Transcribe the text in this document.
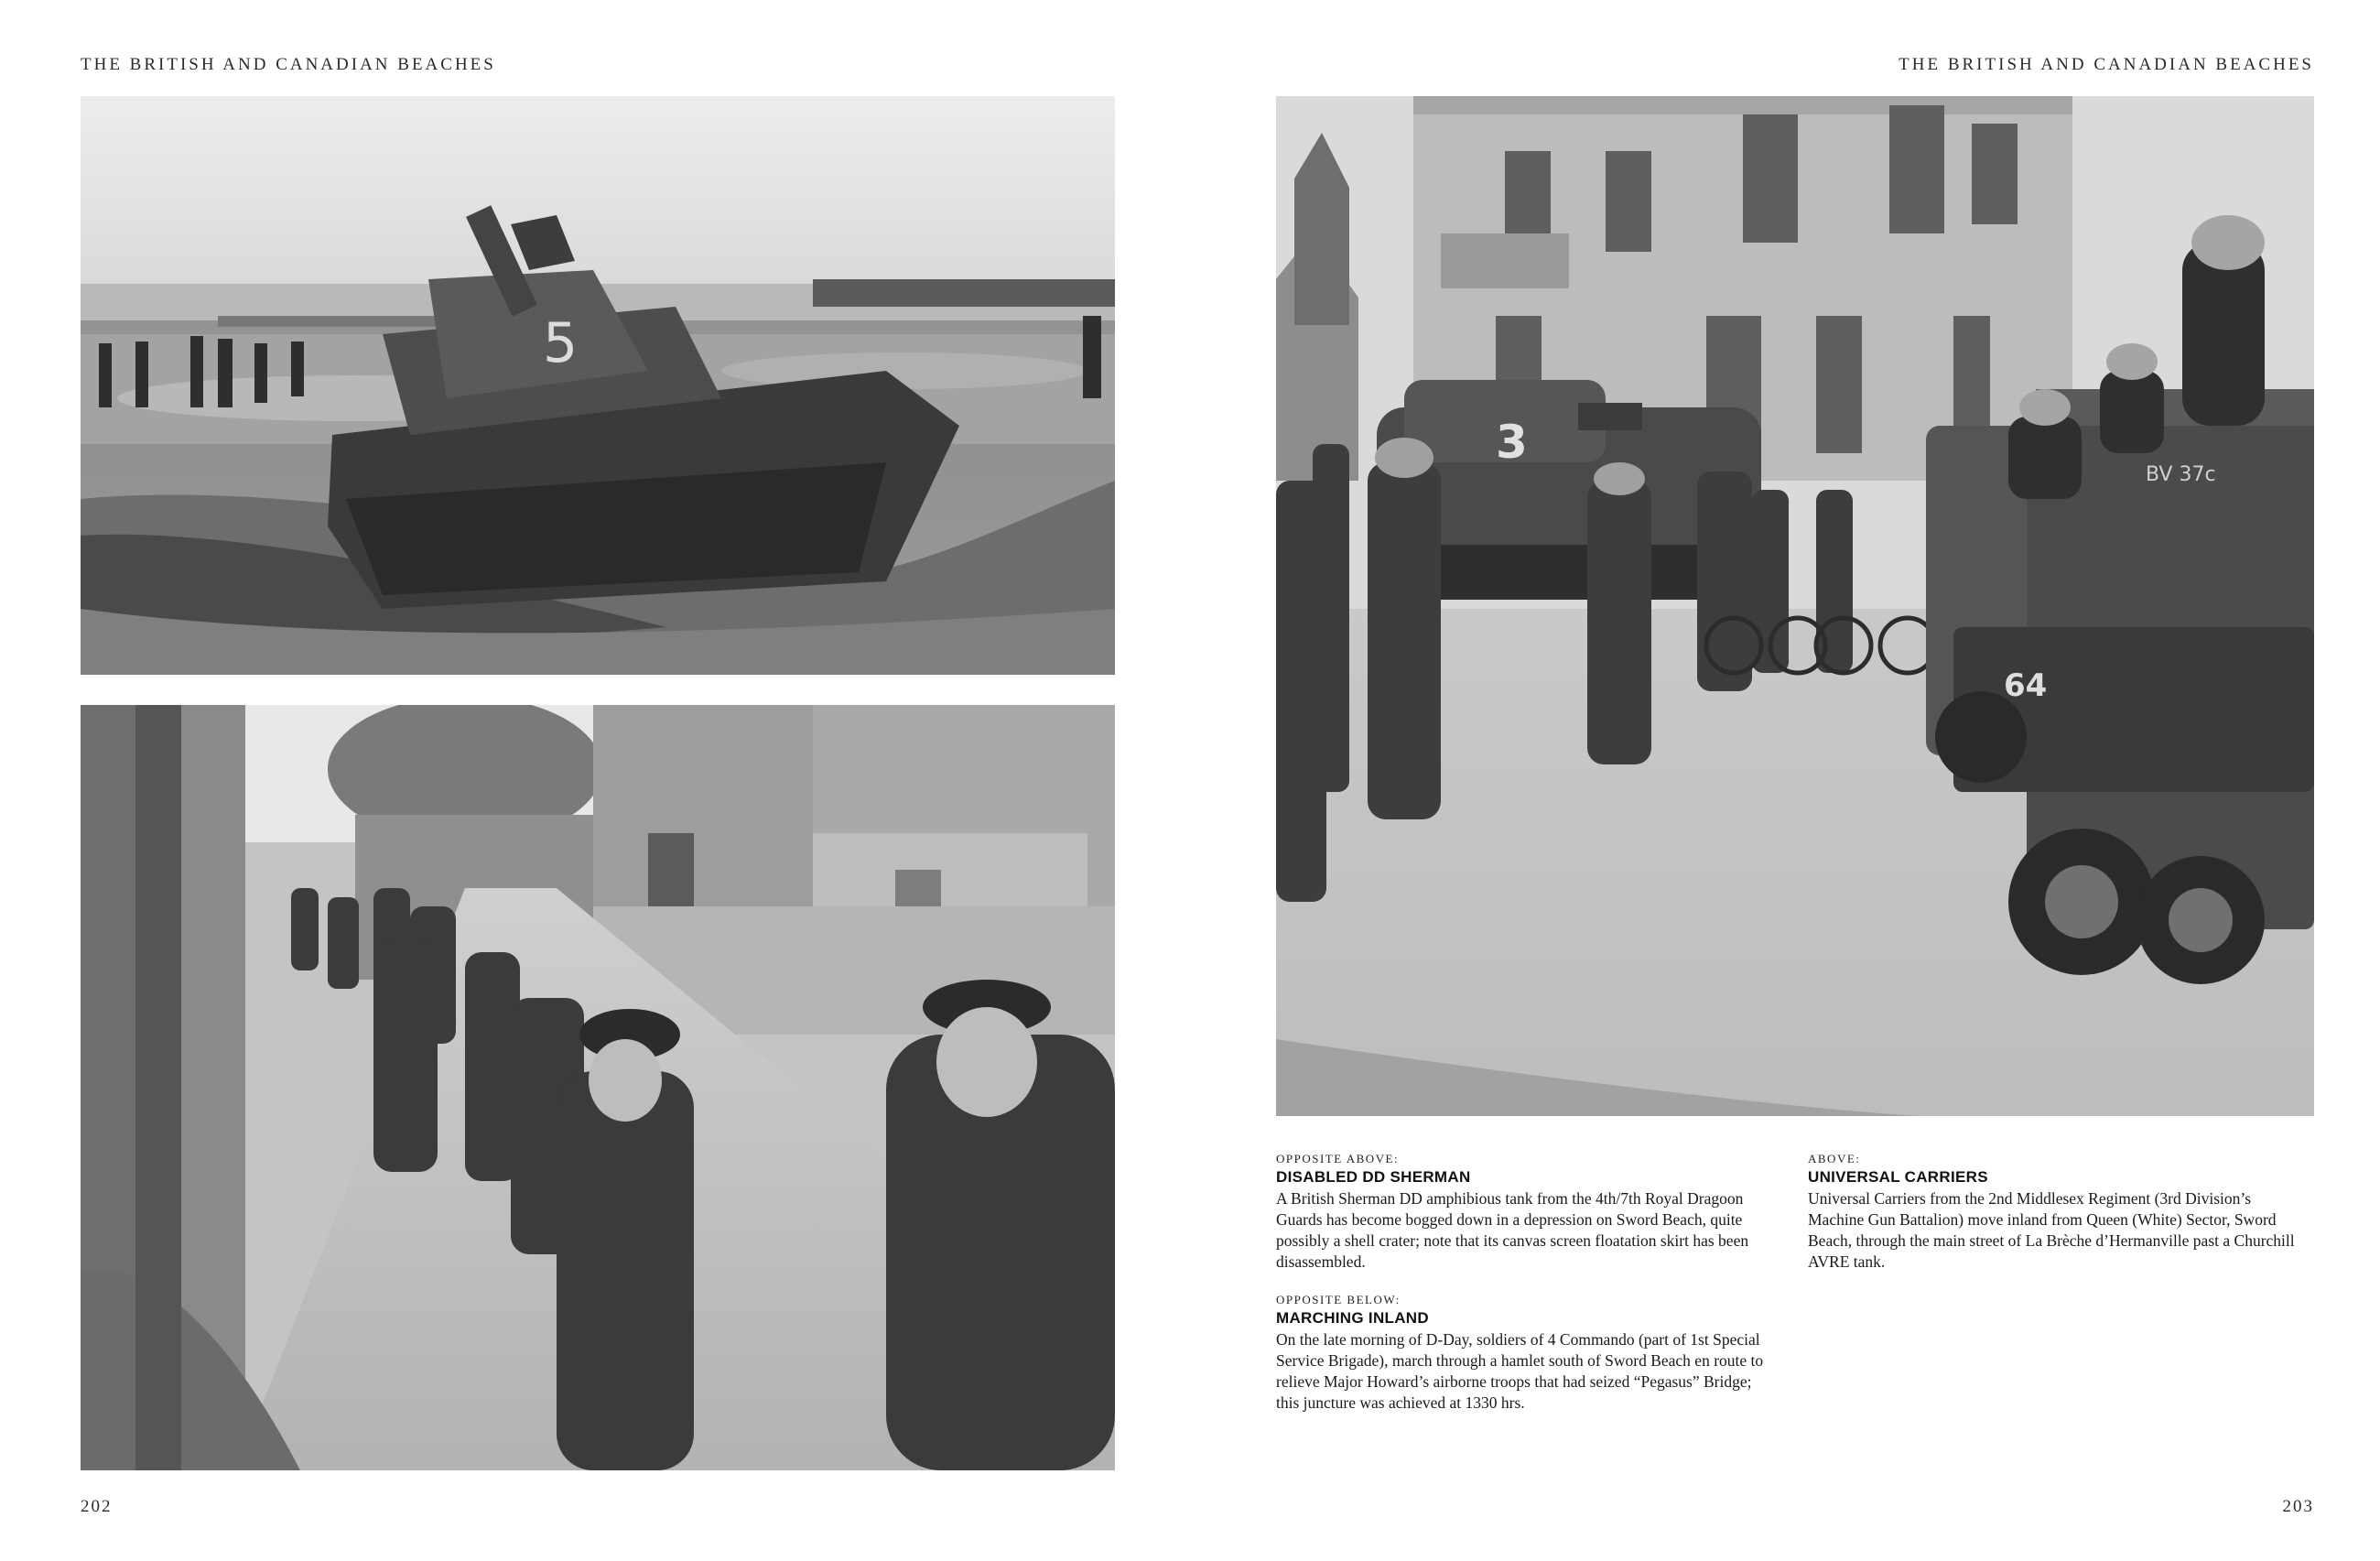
THE BRITISH AND CANADIAN BEACHES
5
202
THE BRITISH AND CANADIAN BEACHES
3
64
BV 37c
OPPOSITE ABOVE:
DISABLED DD SHERMAN

A British Sherman DD amphibious tank from the 4th/7th Royal Dragoon Guards has become bogged down in a depression on Sword Beach, quite possibly a shell crater; note that its canvas screen floatation skirt has been disassembled.

OPPOSITE BELOW:
MARCHING INLAND

On the late morning of D-Day, soldiers of 4 Commando (part of 1st Special Service Brigade), march through a hamlet south of Sword Beach en route to relieve Major Howard’s airborne troops that had seized “Pegasus” Bridge; this juncture was achieved at 1330 hrs.

ABOVE:
UNIVERSAL CARRIERS

Universal Carriers from the 2nd Middlesex Regiment (3rd Division’s Machine Gun Battalion) move inland from Queen (White) Sector, Sword Beach, through the main street of La Brèche d’Hermanville past a Churchill AVRE tank.

203
